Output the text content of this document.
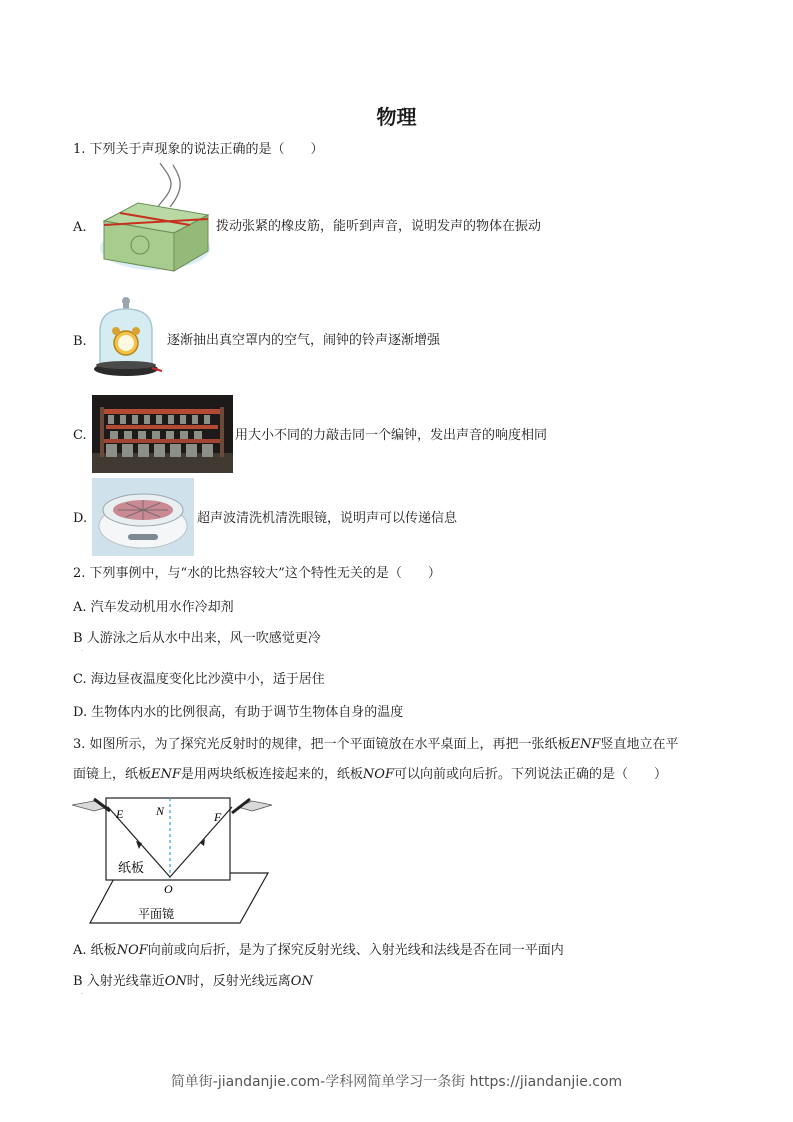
物理
1. 下列关于声现象的说法正确的是（　　）
A.	拨动张紧的橡皮筋，能听到声音，说明发声的物体在振动
B.	逐渐抽出真空罩内的空气，闹钟的铃声逐渐增强
C.	用大小不同的力敲击同一个编钟，发出声音的响度相同
D.	超声波清洗机清洗眼镜，说明声可以传递信息
2. 下列事例中，与“水的比热容较大”这个特性无关的是（　　）
A. 汽车发动机用水作冷却剂
B 人游泳之后从水中出来，风一吹感觉更冷
·
C. 海边昼夜温度变化比沙漠中小，适于居住
D. 生物体内水的比例很高，有助于调节生物体自身的温度
3. 如图所示，为了探究光反射时的规律，把一个平面镜放在水平桌面上，再把一张纸板ENF竖直地立在平
面镜上，纸板ENF是用两块纸板连接起来的，纸板NOF可以向前或向后折。下列说法正确的是（　　）
E	N	F
O
纸板
平面镜
A. 纸板NOF向前或向后折，是为了探究反射光线、入射光线和法线是否在同一平面内
B 入射光线靠近ON时，反射光线远离ON
·
简单街-jiandanjie.com-学科网简单学习一条街 https://jiandanjie.com
